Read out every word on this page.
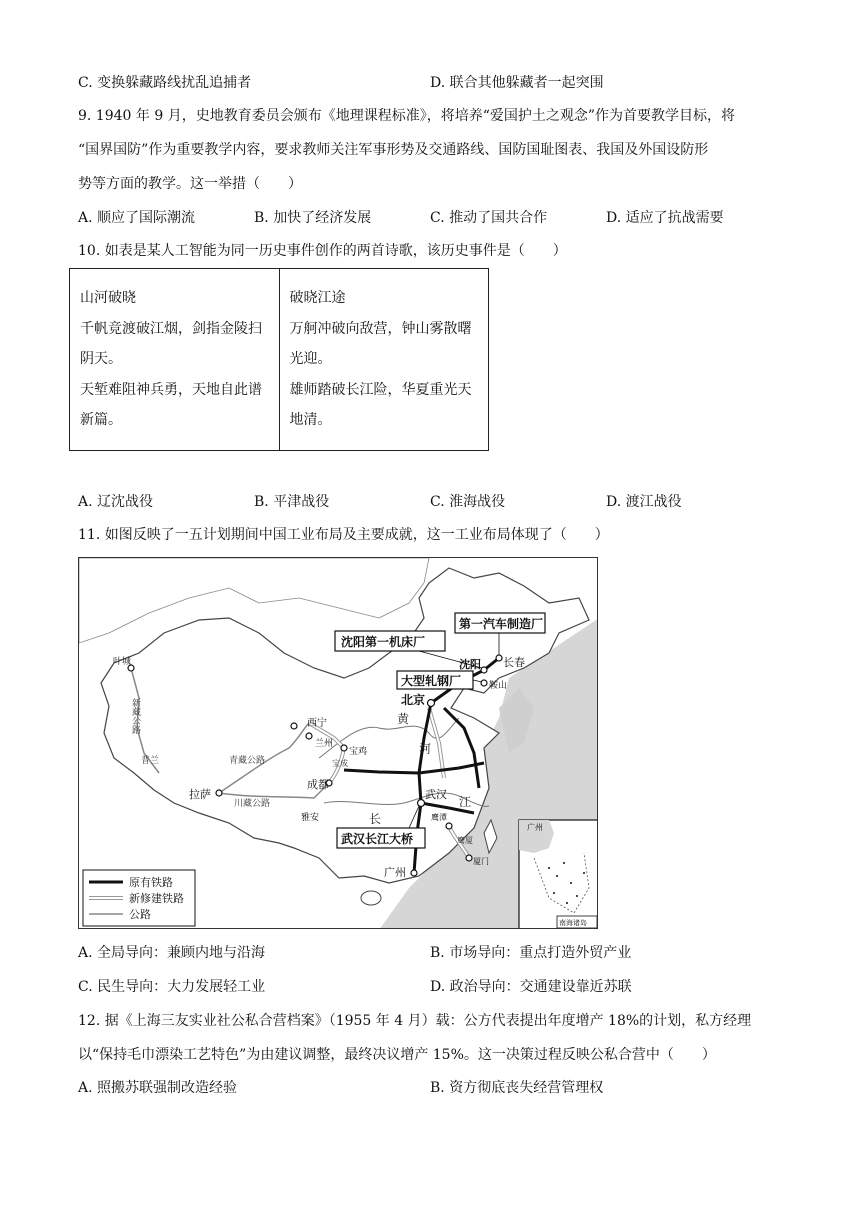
C. 变换躲藏路线扰乱追捕者	D. 联合其他躲藏者一起突围
9. 1940 年 9 月，史地教育委员会颁布《地理课程标准》，将培养“爱国护土之观念”作为首要教学目标，将
“国界国防”作为重要教学内容，要求教师关注军事形势及交通路线、国防国耻图表、我国及外国设防形
势等方面的教学。这一举措（　　）
A. 顺应了国际潮流	B. 加快了经济发展	C. 推动了国共合作	D. 适应了抗战需要
10. 如表是某人工智能为同一历史事件创作的两首诗歌，该历史事件是（　　）
山河破晓
千帆竞渡破江烟，剑指金陵扫
阴天。
天堑难阻神兵勇，天地自此谱
新篇。

破晓江途
万舸冲破向敌营，钟山雾散曙
光迎。
雄师踏破长江险，华夏重光天
地清。
A. 辽沈战役	B. 平津战役	C. 淮海战役	D. 渡江战役
11. 如图反映了一五计划期间中国工业布局及主要成就，这一工业布局体现了（　　）
第一汽车制造厂
沈阳第一机床厂
大型轧钢厂
武汉长江大桥
长春
沈阳
鞍山
北京
西宁
兰州
宝鸡
成都
雅安
拉萨	武汉
鹰潭
厦门
广州
叶城
新藏公路
普兰	青藏公路
川藏公路
宝成
鹰厦
黄
河
长
江
广州
南海诸岛
原有铁路
新修建铁路
公路
A. 全局导向：兼顾内地与沿海	B. 市场导向：重点打造外贸产业
C. 民生导向：大力发展轻工业	D. 政治导向：交通建设靠近苏联
12. 据《上海三友实业社公私合营档案》（1955 年 4 月）载：公方代表提出年度增产 18%的计划，私方经理
以“保持毛巾漂染工艺特色”为由建议调整，最终决议增产 15%。这一决策过程反映公私合营中（　　）
A. 照搬苏联强制改造经验	B. 资方彻底丧失经营管理权
